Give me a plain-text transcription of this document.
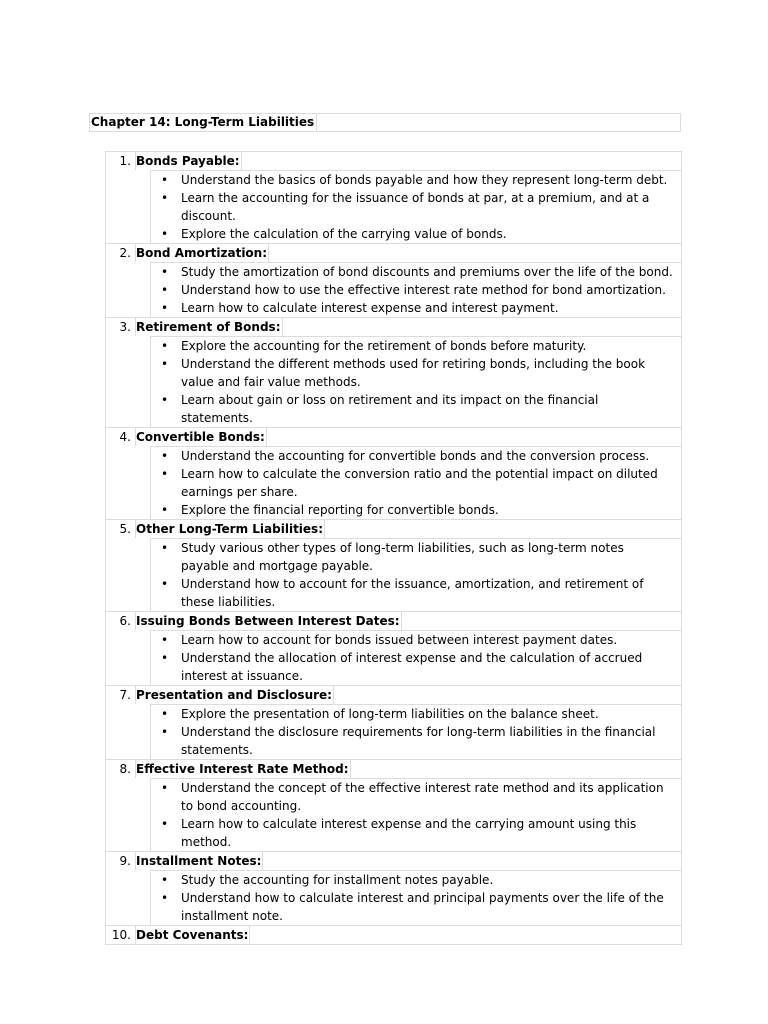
Chapter 14: Long-Term Liabilities
1. Bonds Payable:
• Understand the basics of bonds payable and how they represent long-term debt.
• Learn the accounting for the issuance of bonds at par, at a premium, and at a discount.
• Explore the calculation of the carrying value of bonds.
2. Bond Amortization:
• Study the amortization of bond discounts and premiums over the life of the bond.
• Understand how to use the effective interest rate method for bond amortization.
• Learn how to calculate interest expense and interest payment.
3. Retirement of Bonds:
• Explore the accounting for the retirement of bonds before maturity.
• Understand the different methods used for retiring bonds, including the book value and fair value methods.
• Learn about gain or loss on retirement and its impact on the financial statements.
4. Convertible Bonds:
• Understand the accounting for convertible bonds and the conversion process.
• Learn how to calculate the conversion ratio and the potential impact on diluted earnings per share.
• Explore the financial reporting for convertible bonds.
5. Other Long-Term Liabilities:
• Study various other types of long-term liabilities, such as long-term notes payable and mortgage payable.
• Understand how to account for the issuance, amortization, and retirement of these liabilities.
6. Issuing Bonds Between Interest Dates:
• Learn how to account for bonds issued between interest payment dates.
• Understand the allocation of interest expense and the calculation of accrued interest at issuance.
7. Presentation and Disclosure:
• Explore the presentation of long-term liabilities on the balance sheet.
• Understand the disclosure requirements for long-term liabilities in the financial statements.
8. Effective Interest Rate Method:
• Understand the concept of the effective interest rate method and its application to bond accounting.
• Learn how to calculate interest expense and the carrying amount using this method.
9. Installment Notes:
• Study the accounting for installment notes payable.
• Understand how to calculate interest and principal payments over the life of the installment note.
10. Debt Covenants:
